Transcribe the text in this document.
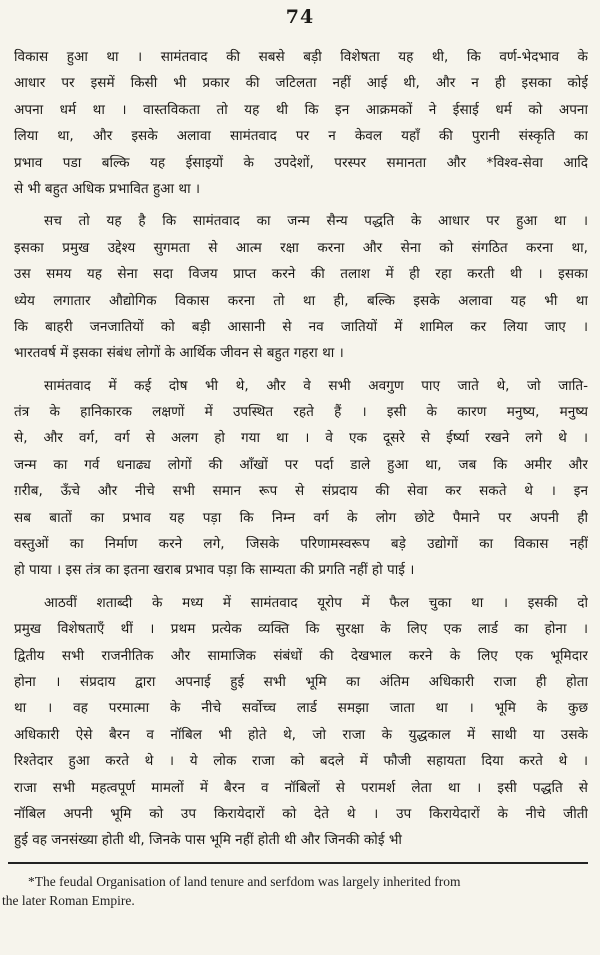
74
विकास हुआ था । सामंतवाद की सबसे बड़ी विशेषता यह थी, कि वर्ण-भेदभाव के
आधार पर इसमें किसी भी प्रकार की जटिलता नहीं आई थी, और न ही इसका कोई
अपना धर्म था । वास्तविकता तो यह थी कि इन आक्रमकों ने ईसाई धर्म को अपना
लिया था, और इसके अलावा सामंतवाद पर न केवल यहाँ की पुरानी संस्कृति का
प्रभाव पडा बल्कि यह ईसाइयों के उपदेशों, परस्पर समानता और *विश्व-सेवा आदि
से भी बहुत अधिक प्रभावित हुआ था ।
सच तो यह है कि सामंतवाद का जन्म सैन्य पद्धति के आधार पर हुआ था ।
इसका प्रमुख उद्देश्य सुगमता से आत्म रक्षा करना और सेना को संगठित करना था,
उस समय यह सेना सदा विजय प्राप्त करने की तलाश में ही रहा करती थी । इसका
ध्येय लगातार औद्योगिक विकास करना तो था ही, बल्कि इसके अलावा यह भी था
कि बाहरी जनजातियों को बड़ी आसानी से नव जातियों में शामिल कर लिया जाए ।
भारतवर्ष में इसका संबंध लोगों के आर्थिक जीवन से बहुत गहरा था ।
सामंतवाद में कई दोष भी थे, और वे सभी अवगुण पाए जाते थे, जो जाति-
तंत्र के हानिकारक लक्षणों में उपस्थित रहते हैं । इसी के कारण मनुष्य, मनुष्य
से, और वर्ग, वर्ग से अलग हो गया था । वे एक दूसरे से ईर्ष्या रखने लगे थे ।
जन्म का गर्व धनाढ्य लोगों की आँखों पर पर्दा डाले हुआ था, जब कि अमीर और
ग़रीब, ऊँचे और नीचे सभी समान रूप से संप्रदाय की सेवा कर सकते थे । इन
सब बातों का प्रभाव यह पड़ा कि निम्न वर्ग के लोग छोटे पैमाने पर अपनी ही
वस्तुओं का निर्माण करने लगे, जिसके परिणामस्वरूप बड़े उद्योगों का विकास नहीं
हो पाया । इस तंत्र का इतना खराब प्रभाव पड़ा कि साम्यता की प्रगति नहीं हो पाई ।
आठवीं शताब्दी के मध्य में सामंतवाद यूरोप में फैल चुका था । इसकी दो
प्रमुख विशेषताएँ थीं । प्रथम प्रत्येक व्यक्ति कि सुरक्षा के लिए एक लार्ड का होना ।
द्वितीय सभी राजनीतिक और सामाजिक संबंधों की देखभाल करने के लिए एक भूमिदार
होना । संप्रदाय द्वारा अपनाई हुई सभी भूमि का अंतिम अधिकारी राजा ही होता
था । वह परमात्मा के नीचे सर्वोच्च लार्ड समझा जाता था । भूमि के कुछ
अधिकारी ऐसे बैरन व नॉबिल भी होते थे, जो राजा के युद्धकाल में साथी या उसके
रिश्तेदार हुआ करते थे । ये लोक राजा को बदले में फौजी सहायता दिया करते थे ।
राजा सभी महत्वपूर्ण मामलों में बैरन व नॉबिलों से परामर्श लेता था । इसी पद्धति से
नॉबिल अपनी भूमि को उप किरायेदारों को देते थे । उप किरायेदारों के नीचे जीती
हुई वह जनसंख्या होती थी, जिनके पास भूमि नहीं होती थी और जिनकी कोई भी
*The feudal Organisation of land tenure and serfdom was largely inherited from
the later Roman Empire.
